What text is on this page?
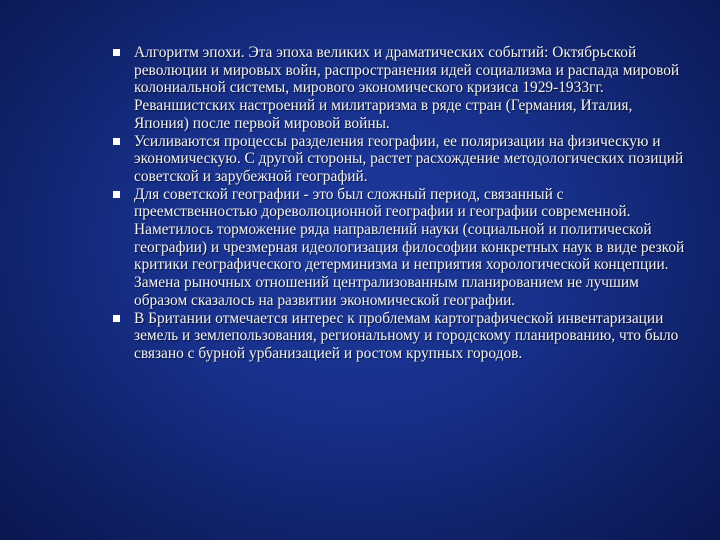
Алгоритм эпохи. Эта эпоха великих и драматических событий: Октябрьской революции и мировых войн, распространения идей социализма и распада мировой колониальной системы, мирового экономического кризиса 1929-1933гг. Реваншистских настроений и милитаризма в ряде стран (Германия, Италия, Япония) после первой мировой войны.
Усиливаются процессы разделения географии, ее поляризации на физическую и экономическую. С другой стороны, растет расхождение методологических позиций советской и зарубежной географий.
Для советской географии - это был сложный период, связанный с преемственностью дореволюционной географии и географии современной. Наметилось торможение ряда направлений науки (социальной и политической географии) и чрезмерная идеологизация философии конкретных наук в виде резкой критики географического детерминизма и неприятия хорологической концепции. Замена рыночных отношений централизованным планированием не лучшим образом сказалось на развитии экономической географии.
В Британии отмечается интерес к проблемам картографической инвентаризации земель и землепользования, региональному и городскому планированию, что было связано с бурной урбанизацией и ростом крупных городов.
